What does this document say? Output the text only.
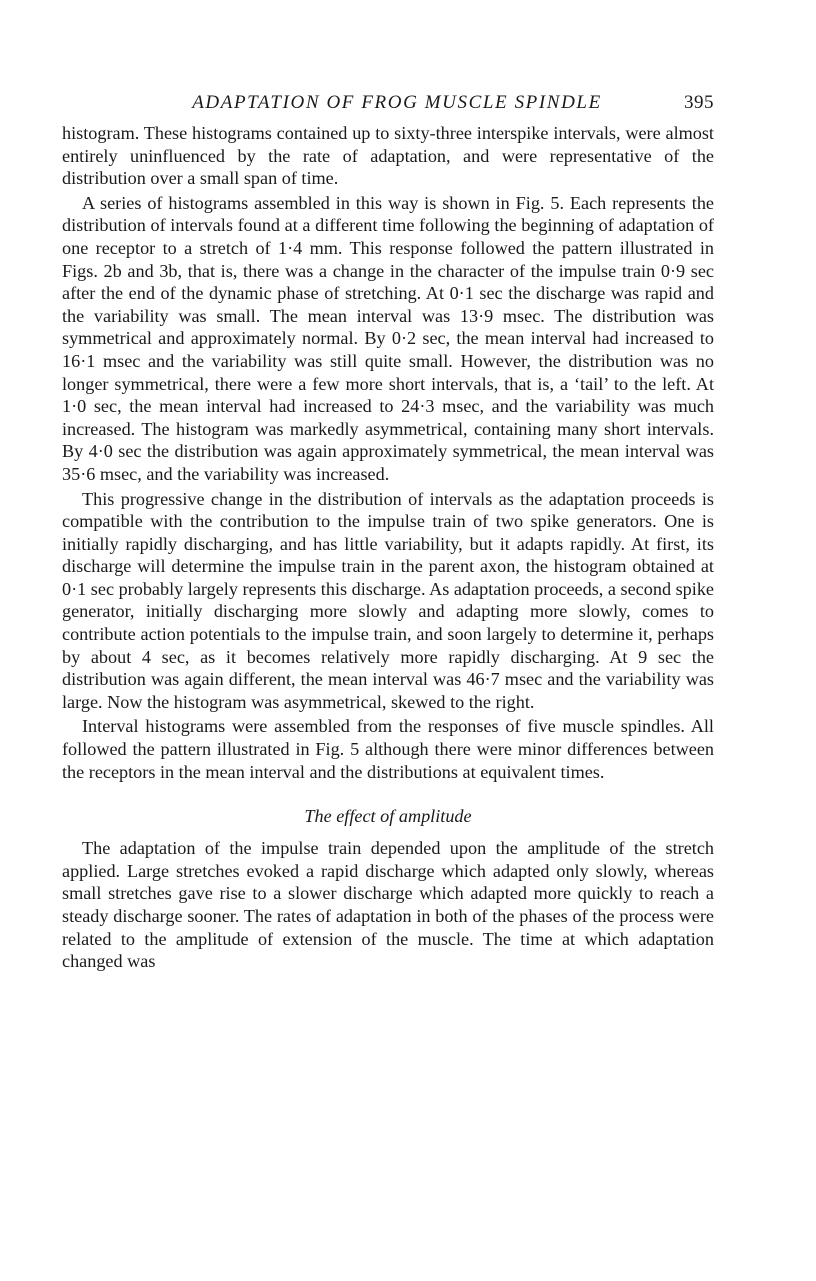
ADAPTATION OF FROG MUSCLE SPINDLE	395

histogram. These histograms contained up to sixty-three interspike intervals, were almost entirely uninfluenced by the rate of adaptation, and were representative of the distribution over a small span of time.

A series of histograms assembled in this way is shown in Fig. 5. Each represents the distribution of intervals found at a different time following the beginning of adaptation of one receptor to a stretch of 1·4 mm. This response followed the pattern illustrated in Figs. 2b and 3b, that is, there was a change in the character of the impulse train 0·9 sec after the end of the dynamic phase of stretching. At 0·1 sec the discharge was rapid and the variability was small. The mean interval was 13·9 msec. The distribution was symmetrical and approximately normal. By 0·2 sec, the mean interval had increased to 16·1 msec and the variability was still quite small. However, the distribution was no longer symmetrical, there were a few more short intervals, that is, a ‘tail’ to the left. At 1·0 sec, the mean interval had increased to 24·3 msec, and the variability was much increased. The histogram was markedly asymmetrical, containing many short intervals. By 4·0 sec the distribution was again approximately symmetrical, the mean interval was 35·6 msec, and the variability was increased.

This progressive change in the distribution of intervals as the adaptation proceeds is compatible with the contribution to the impulse train of two spike generators. One is initially rapidly discharging, and has little variability, but it adapts rapidly. At first, its discharge will determine the impulse train in the parent axon, the histogram obtained at 0·1 sec probably largely represents this discharge. As adaptation proceeds, a second spike generator, initially discharging more slowly and adapting more slowly, comes to contribute action potentials to the impulse train, and soon largely to determine it, perhaps by about 4 sec, as it becomes relatively more rapidly discharging. At 9 sec the distribution was again different, the mean interval was 46·7 msec and the variability was large. Now the histogram was asymmetrical, skewed to the right.

Interval histograms were assembled from the responses of five muscle spindles. All followed the pattern illustrated in Fig. 5 although there were minor differences between the receptors in the mean interval and the distributions at equivalent times.

The effect of amplitude

The adaptation of the impulse train depended upon the amplitude of the stretch applied. Large stretches evoked a rapid discharge which adapted only slowly, whereas small stretches gave rise to a slower discharge which adapted more quickly to reach a steady discharge sooner. The rates of adaptation in both of the phases of the process were related to the amplitude of extension of the muscle. The time at which adaptation changed was
